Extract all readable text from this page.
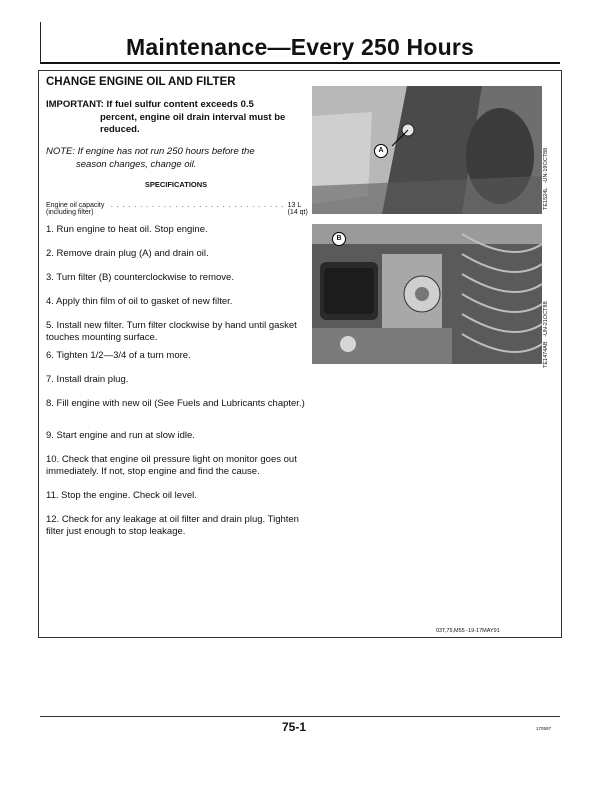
Maintenance—Every 250 Hours
CHANGE ENGINE OIL AND FILTER
IMPORTANT: If fuel sulfur content exceeds 0.5
percent, engine oil drain interval must be reduced.
NOTE: If engine has not run 250 hours before the
season changes, change oil.
SPECIFICATIONS
Engine oil capacity (including filter)
. . . . . . . . . . . . . . . . . . . . . . . . . . . . . . 13 L (14 qt)
1. Run engine to heat oil. Stop engine.
2. Remove drain plug (A) and drain oil.
3. Turn filter (B) counterclockwise to remove.
4. Apply thin film of oil to gasket of new filter.
5. Install new filter. Turn filter clockwise by hand until gasket touches mounting surface.
6. Tighten 1/2—3/4 of a turn more.
7. Install drain plug.
8. Fill engine with new oil (See Fuels and Lubricants chapter.)
9. Start engine and run at slow idle.
10. Check that engine oil pressure light on monitor goes out immediately. If not, stop engine and find the cause.
11. Stop the engine. Check oil level.
12. Check for any leakage at oil filter and drain plug. Tighten filter just enough to stop leakage.
A
TE1524L   -UN-19OCT88
B
TE1474AB   -UN-21OCT88
03T,75,M55 -19-17MAY91
75-1	170597
